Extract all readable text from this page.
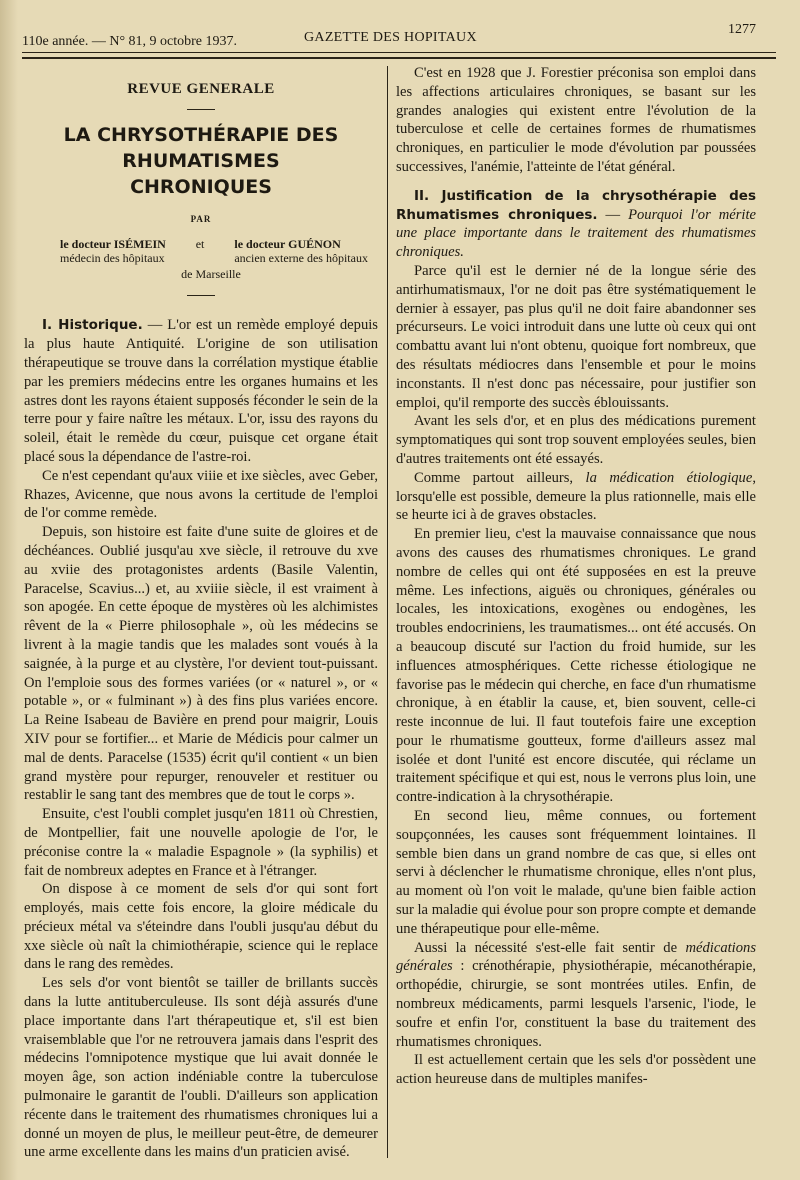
110e année. — N° 81, 9 octobre 1937.	GAZETTE DES HOPITAUX
1277
REVUE GENERALE
LA CHRYSOTHÉRAPIE DES RHUMATISMES
CHRONIQUES
PAR
le docteur ISÉMEIN
médecin des hôpitaux
et le docteur GUÉNON
ancien externe des hôpitaux
de Marseille

I. Historique. — L'or est un remède employé depuis la plus haute Antiquité. L'origine de son utilisation thérapeutique se trouve dans la corrélation mystique établie par les premiers médecins entre les organes humains et les astres dont les rayons étaient supposés féconder le sein de la terre pour y faire naître les métaux. L'or, issu des rayons du soleil, était le remède du cœur, puisque cet organe était placé sous la dépendance de l'astre-roi.

Ce n'est cependant qu'aux viiie et ixe siècles, avec Geber, Rhazes, Avicenne, que nous avons la certitude de l'emploi de l'or comme remède.

Depuis, son histoire est faite d'une suite de gloires et de déchéances. Oublié jusqu'au xve siècle, il retrouve du xve au xviie des protagonistes ardents (Basile Valentin, Paracelse, Scavius...) et, au xviiie siècle, il est vraiment à son apogée. En cette époque de mystères où les alchimistes rêvent de la « Pierre philosophale », où les médecins se livrent à la magie tandis que les malades sont voués à la saignée, à la purge et au clystère, l'or devient tout-puissant. On l'emploie sous des formes variées (or « naturel », or « potable », or « fulminant ») à des fins plus variées encore. La Reine Isabeau de Bavière en prend pour maigrir, Louis XIV pour se fortifier... et Marie de Médicis pour calmer un mal de dents. Paracelse (1535) écrit qu'il contient « un bien grand mystère pour repurger, renouveler et restituer ou restablir le sang tant des membres que de tout le corps ».

Ensuite, c'est l'oubli complet jusqu'en 1811 où Chrestien, de Montpellier, fait une nouvelle apologie de l'or, le préconise contre la « maladie Espagnole » (la syphilis) et fait de nombreux adeptes en France et à l'étranger.

On dispose à ce moment de sels d'or qui sont fort employés, mais cette fois encore, la gloire médicale du précieux métal va s'éteindre dans l'oubli jusqu'au début du xxe siècle où naît la chimiothérapie, science qui le replace dans le rang des remèdes.

Les sels d'or vont bientôt se tailler de brillants succès dans la lutte antituberculeuse. Ils sont déjà assurés d'une place importante dans l'art thérapeutique et, s'il est bien vraisemblable que l'or ne retrouvera jamais dans l'esprit des médecins l'omnipotence mystique que lui avait donnée le moyen âge, son action indéniable contre la tuberculose pulmonaire le garantit de l'oubli. D'ailleurs son application récente dans le traitement des rhumatismes chroniques lui a donné un moyen de plus, le meilleur peut-être, de demeurer une arme excellente dans les mains d'un praticien avisé.

C'est en 1928 que J. Forestier préconisa son emploi dans les affections articulaires chroniques, se basant sur les grandes analogies qui existent entre l'évolution de la tuberculose et celle de certaines formes de rhumatismes chroniques, en particulier le mode d'évolution par poussées successives, l'anémie, l'atteinte de l'état général.

II. Justification de la chrysothérapie des Rhumatismes chroniques. — Pourquoi l'or mérite une place importante dans le traitement des rhumatismes chroniques.

Parce qu'il est le dernier né de la longue série des antirhumatismaux, l'or ne doit pas être systématiquement le dernier à essayer, pas plus qu'il ne doit faire abandonner ses précurseurs. Le voici introduit dans une lutte où ceux qui ont combattu avant lui n'ont obtenu, quoique fort nombreux, que des résultats médiocres dans l'ensemble et pour le moins inconstants. Il n'est donc pas nécessaire, pour justifier son emploi, qu'il remporte des succès éblouissants.

Avant les sels d'or, et en plus des médications purement symptomatiques qui sont trop souvent employées seules, bien d'autres traitements ont été essayés.

Comme partout ailleurs, la médication étiologique, lorsqu'elle est possible, demeure la plus rationnelle, mais elle se heurte ici à de graves obstacles.

En premier lieu, c'est la mauvaise connaissance que nous avons des causes des rhumatismes chroniques. Le grand nombre de celles qui ont été supposées en est la preuve même. Les infections, aiguës ou chroniques, générales ou locales, les intoxications, exogènes ou endogènes, les troubles endocriniens, les traumatismes... ont été accusés. On a beaucoup discuté sur l'action du froid humide, sur les influences atmosphériques. Cette richesse étiologique ne favorise pas le médecin qui cherche, en face d'un rhumatisme chronique, à en établir la cause, et, bien souvent, celle-ci reste inconnue de lui. Il faut toutefois faire une exception pour le rhumatisme goutteux, forme d'ailleurs assez mal isolée et dont l'unité est encore discutée, qui réclame un traitement spécifique et qui est, nous le verrons plus loin, une contre-indication à la chrysothérapie.

En second lieu, même connues, ou fortement soupçonnées, les causes sont fréquemment lointaines. Il semble bien dans un grand nombre de cas que, si elles ont servi à déclencher le rhumatisme chronique, elles n'ont plus, au moment où l'on voit le malade, qu'une bien faible action sur la maladie qui évolue pour son propre compte et demande une thérapeutique pour elle-même.

Aussi la nécessité s'est-elle fait sentir de médications générales : crénothérapie, physiothérapie, mécanothérapie, orthopédie, chirurgie, se sont montrées utiles. Enfin, de nombreux médicaments, parmi lesquels l'arsenic, l'iode, le soufre et enfin l'or, constituent la base du traitement des rhumatismes chroniques.

Il est actuellement certain que les sels d'or possèdent une action heureuse dans de multiples manifes-
